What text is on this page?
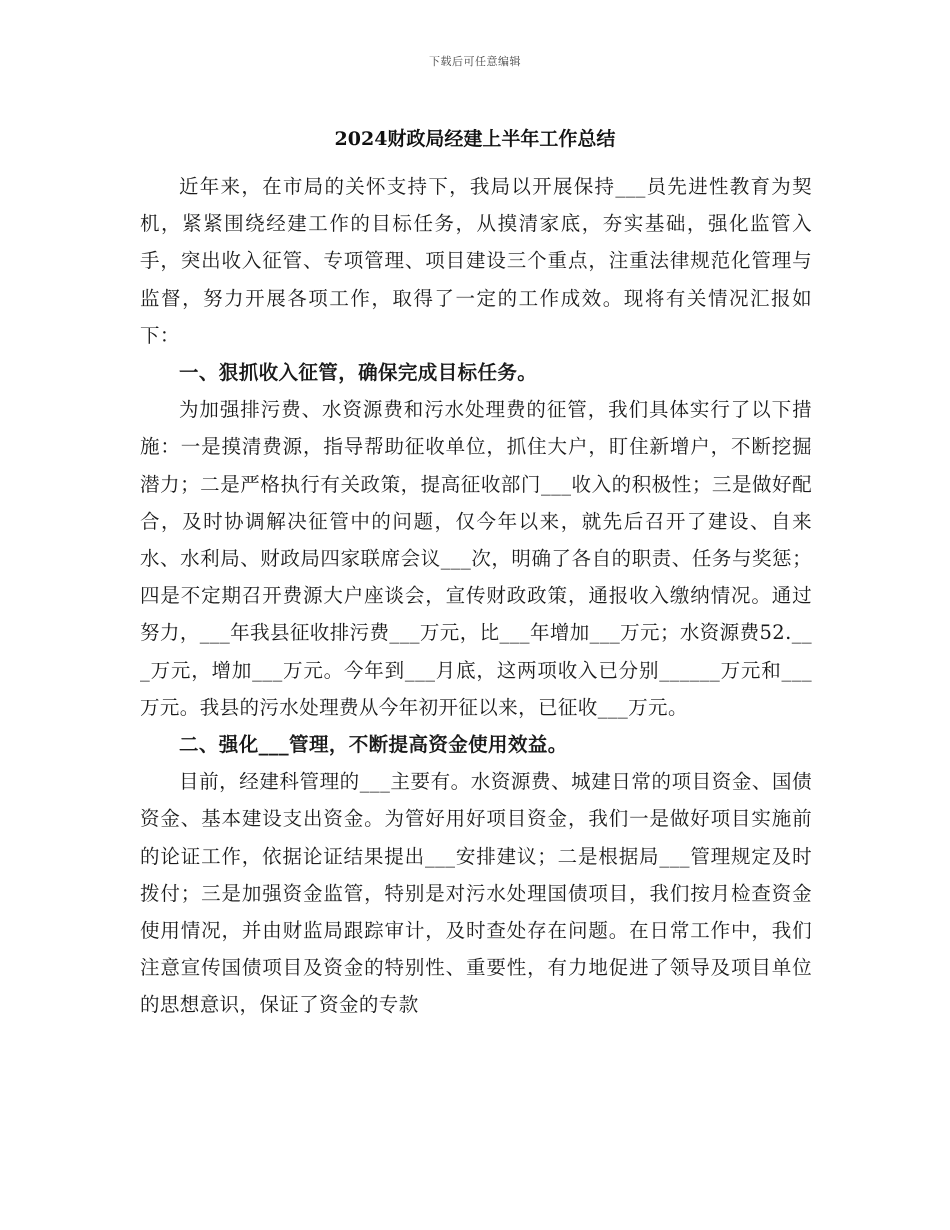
下载后可任意编辑
2024财政局经建上半年工作总结

近年来，在市局的关怀支持下，我局以开展保持___员先进性教育为契机，紧紧围绕经建工作的目标任务，从摸清家底，夯实基础，强化监管入手，突出收入征管、专项管理、项目建设三个重点，注重法律规范化管理与监督，努力开展各项工作，取得了一定的工作成效。现将有关情况汇报如下：

一、狠抓收入征管，确保完成目标任务。

为加强排污费、水资源费和污水处理费的征管，我们具体实行了以下措施：一是摸清费源，指导帮助征收单位，抓住大户，盯住新增户，不断挖掘潜力；二是严格执行有关政策，提高征收部门___收入的积极性；三是做好配合，及时协调解决征管中的问题，仅今年以来，就先后召开了建设、自来水、水利局、财政局四家联席会议___次，明确了各自的职责、任务与奖惩；四是不定期召开费源大户座谈会，宣传财政政策，通报收入缴纳情况。通过努力，___年我县征收排污费___万元，比___年增加___万元；水资源费52.___万元，增加___万元。今年到___月底，这两项收入已分别______万元和___万元。我县的污水处理费从今年初开征以来，已征收___万元。

二、强化___管理，不断提高资金使用效益。

目前，经建科管理的___主要有。水资源费、城建日常的项目资金、国债资金、基本建设支出资金。为管好用好项目资金，我们一是做好项目实施前的论证工作，依据论证结果提出___安排建议；二是根据局___管理规定及时拨付；三是加强资金监管，特别是对污水处理国债项目，我们按月检查资金使用情况，并由财监局跟踪审计，及时查处存在问题。在日常工作中，我们注意宣传国债项目及资金的特别性、重要性，有力地促进了领导及项目单位的思想意识，保证了资金的专款
